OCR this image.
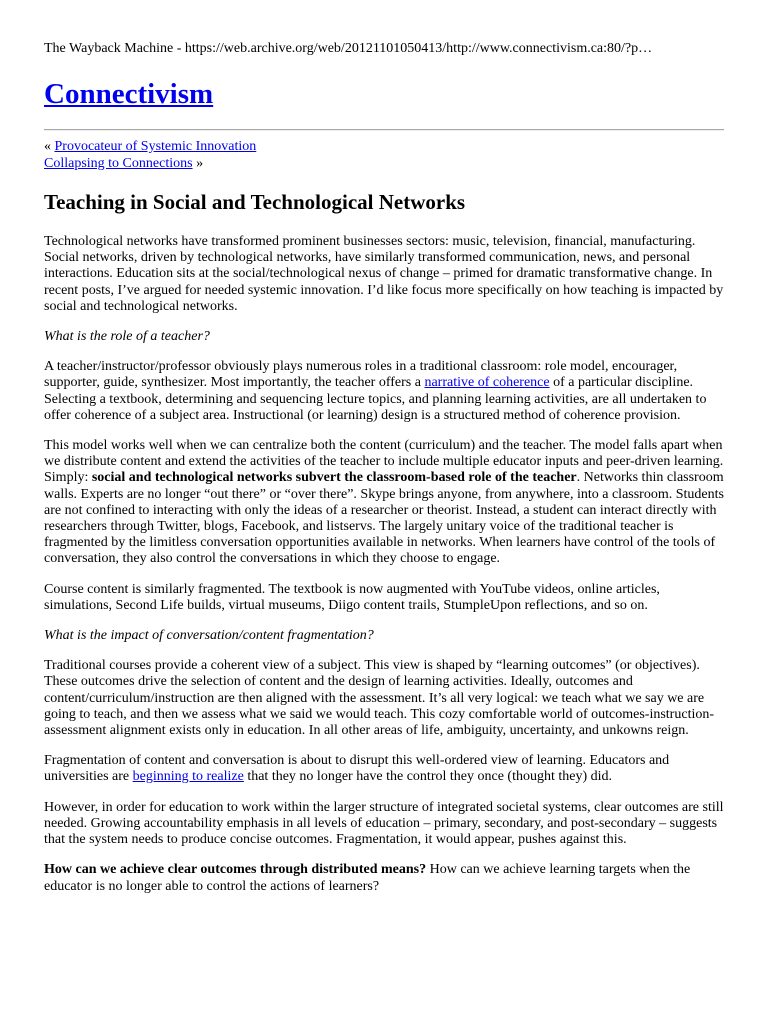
The Wayback Machine - https://web.archive.org/web/20121101050413/http://www.connectivism.ca:80/?p…
Connectivism
« Provocateur of Systemic Innovation
Collapsing to Connections »
Teaching in Social and Technological Networks

Technological networks have transformed prominent businesses sectors: music, television, financial, manufacturing. Social networks, driven by technological networks, have similarly transformed communication, news, and personal interactions. Education sits at the social/technological nexus of change – primed for dramatic transformative change. In recent posts, I’ve argued for needed systemic innovation. I’d like focus more specifically on how teaching is impacted by social and technological networks.

What is the role of a teacher?

A teacher/instructor/professor obviously plays numerous roles in a traditional classroom: role model, encourager, supporter, guide, synthesizer. Most importantly, the teacher offers a narrative of coherence of a particular discipline. Selecting a textbook, determining and sequencing lecture topics, and planning learning activities, are all undertaken to offer coherence of a subject area. Instructional (or learning) design is a structured method of coherence provision.

This model works well when we can centralize both the content (curriculum) and the teacher. The model falls apart when we distribute content and extend the activities of the teacher to include multiple educator inputs and peer-driven learning. Simply: social and technological networks subvert the classroom-based role of the teacher. Networks thin classroom walls. Experts are no longer “out there” or “over there”. Skype brings anyone, from anywhere, into a classroom. Students are not confined to interacting with only the ideas of a researcher or theorist. Instead, a student can interact directly with researchers through Twitter, blogs, Facebook, and listservs. The largely unitary voice of the traditional teacher is fragmented by the limitless conversation opportunities available in networks. When learners have control of the tools of conversation, they also control the conversations in which they choose to engage.

Course content is similarly fragmented. The textbook is now augmented with YouTube videos, online articles, simulations, Second Life builds, virtual museums, Diigo content trails, StumpleUpon reflections, and so on.

What is the impact of conversation/content fragmentation?

Traditional courses provide a coherent view of a subject. This view is shaped by “learning outcomes” (or objectives). These outcomes drive the selection of content and the design of learning activities. Ideally, outcomes and content/curriculum/instruction are then aligned with the assessment. It’s all very logical: we teach what we say we are going to teach, and then we assess what we said we would teach. This cozy comfortable world of outcomes-instruction-assessment alignment exists only in education. In all other areas of life, ambiguity, uncertainty, and unkowns reign.

Fragmentation of content and conversation is about to disrupt this well-ordered view of learning. Educators and universities are beginning to realize that they no longer have the control they once (thought they) did.

However, in order for education to work within the larger structure of integrated societal systems, clear outcomes are still needed. Growing accountability emphasis in all levels of education – primary, secondary, and post-secondary – suggests that the system needs to produce concise outcomes. Fragmentation, it would appear, pushes against this.

How can we achieve clear outcomes through distributed means? How can we achieve learning targets when the educator is no longer able to control the actions of learners?
